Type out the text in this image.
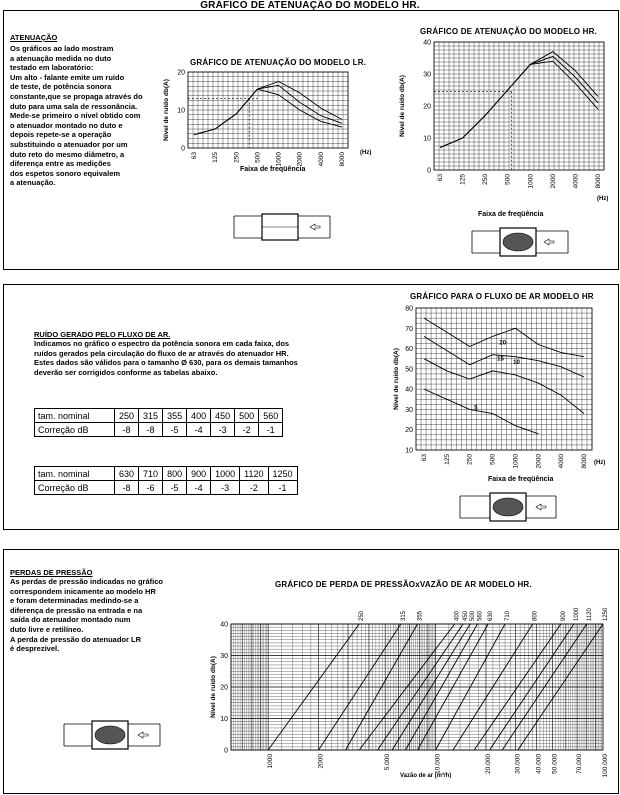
GRÁFICO DE ATENUAÇÃO DO MODELO HR.
ATENUAÇÃO
Os gráficos ao lado mostram
a atenuação medida no duto
testado em laboratório:
Um alto - falante emite um ruído
de teste, de potência sonora
constante,que se propaga através do
duto para uma sala de ressonância.
Mede-se primeiro o nível obtido com
o atenuador montado no duto e
depois repete-se a operação
substituindo o atenuador por um
duto reto do mesmo diâmetro, a
diferença entre as medições
dos espetos sonoro equivalem
a atenuação.
GRÁFICO DE ATENUAÇÃO DO MODELO LR.
0
10
20
63 125 250 500 1000 2000 4000 8000
Nível de ruído db(A)
Faixa de freqüência
(Hz)
GRÁFICO DE ATENUAÇÃO DO MODELO HR.
0
10
20
30
40
63 125 250 500 1000 2000 4000 8000
Nível de ruído db(A)
Faixa de freqüência
(Hz)
RUÍDO GERADO PELO FLUXO DE AR.
Indicamos no gráfico o espectro da potência sonora em cada faixa, dos
ruídos gerados pela circulação do fluxo de ar através do atenuador HR.
Estes dados são válidos para o tamanho Ø 630, para os demais tamanhos
deverão ser corrigidos conforme as tabelas abaixo.
tam. nominal	250	315	355	400	450	500	560
Correção dB	-8	-8	-5	-4	-3	-2	-1
tam. nominal	630	710	800	900	1000	1120	1250
Correção dB	-8	-6	-5	-4	-3	-2	-1
GRÁFICO PARA O FLUXO DE AR MODELO HR
10
20
30
40
50
60
70
80
63 125 250 500 1000 2000 4000 8000
Nível de ruído db(A)
20
15
10
5
Faixa de freqüência
(Hz)
PERDAS DE PRESSÃO
As perdas de pressão indicadas no gráfico
correspondem inicamente ao modelo HR
e foram determinadas medindo-se a
diferença de pressão na entrada e na
saída do atenuador montado num
duto livre e retilíneo.
A perda de pressão do atenuador LR
é desprezível.
GRÁFICO DE PERDA DE PRESSÃOxVAZÃO DE AR MODELO HR.
0
10
20
30
40
1000	2000	5.000	10.000	20.000	30.000 40.000 50.000	70.000	100.000
Nível de ruído db(A)
250	315 355	400 450 500 560 630 710	800	900 1000 1120 1250
Vazão de ar (m³/h)
